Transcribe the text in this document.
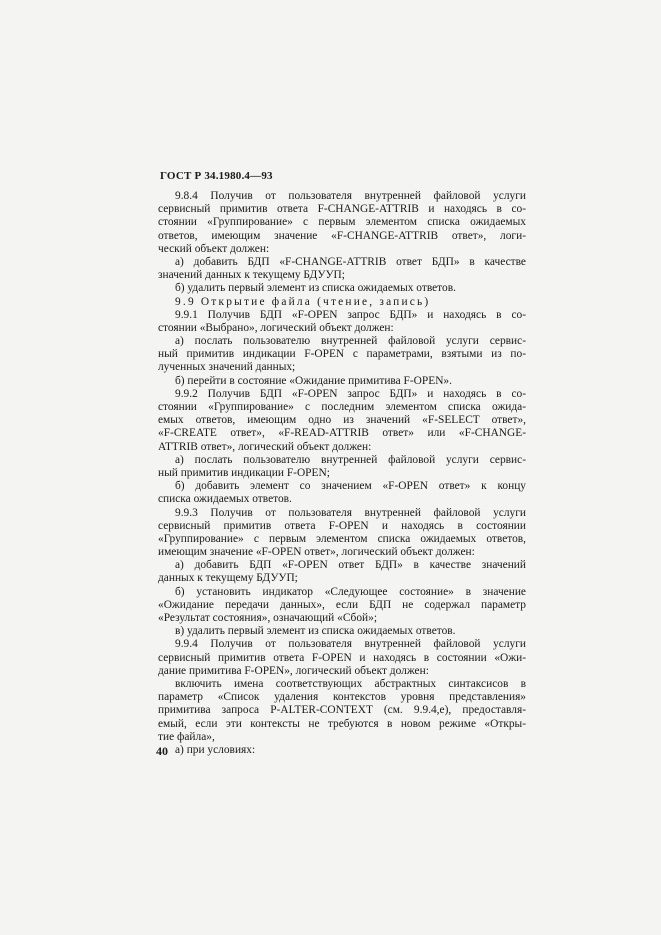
ГОСТ Р 34.1980.4—93
9.8.4 Получив от пользователя внутренней файловой услуги
сервисный примитив ответа F-CHANGE-ATTRIB и находясь в со-
стоянии «Группирование» с первым элементом списка ожидаемых
ответов, имеющим значение «F-CHANGE-ATTRIB ответ», логи-
ческий объект должен:
а) добавить БДП «F-CHANGE-ATTRIB ответ БДП» в качестве
значений данных к текущему БДУУП;
б) удалить первый элемент из списка ожидаемых ответов.
9.9 Открытие файла (чтение, запись)
9.9.1 Получив БДП «F-OPEN запрос БДП» и находясь в со-
стоянии «Выбрано», логический объект должен:
а) послать пользователю внутренней файловой услуги сервис-
ный примитив индикации F-OPEN с параметрами, взятыми из по-
лученных значений данных;
б) перейти в состояние «Ожидание примитива F-OPEN».
9.9.2 Получив БДП «F-OPEN запрос БДП» и находясь в со-
стоянии «Группирование» с последним элементом списка ожида-
емых ответов, имеющим одно из значений «F-SELECT ответ»,
«F-CREATE ответ», «F-READ-ATTRIB ответ» или «F-CHANGE-
ATTRIB ответ», логический объект должен:
а) послать пользователю внутренней файловой услуги сервис-
ный примитив индикации F-OPEN;
б) добавить элемент со значением «F-OPEN ответ» к концу
списка ожидаемых ответов.
9.9.3 Получив от пользователя внутренней файловой услуги
сервисный примитив ответа F-OPEN и находясь в состоянии
«Группирование» с первым элементом списка ожидаемых ответов,
имеющим значение «F-OPEN ответ», логический объект должен:
а) добавить БДП «F-OPEN ответ БДП» в качестве значений
данных к текущему БДУУП;
б) установить индикатор «Следующее состояние» в значение
«Ожидание передачи данных», если БДП не содержал параметр
«Результат состояния», означающий «Сбой»;
в) удалить первый элемент из списка ожидаемых ответов.
9.9.4 Получив от пользователя внутренней файловой услуги
сервисный примитив ответа F-OPEN и находясь в состоянии «Ожи-
дание примитива F-OPEN», логический объект должен:
включить имена соответствующих абстрактных синтаксисов в
параметр «Список удаления контекстов уровня представления»
примитива запроса P-ALTER-CONTEXT (см. 9.9.4,е), предоставля-
емый, если эти контексты не требуются в новом режиме «Откры-
тие файла»,
а) при условиях:
40
